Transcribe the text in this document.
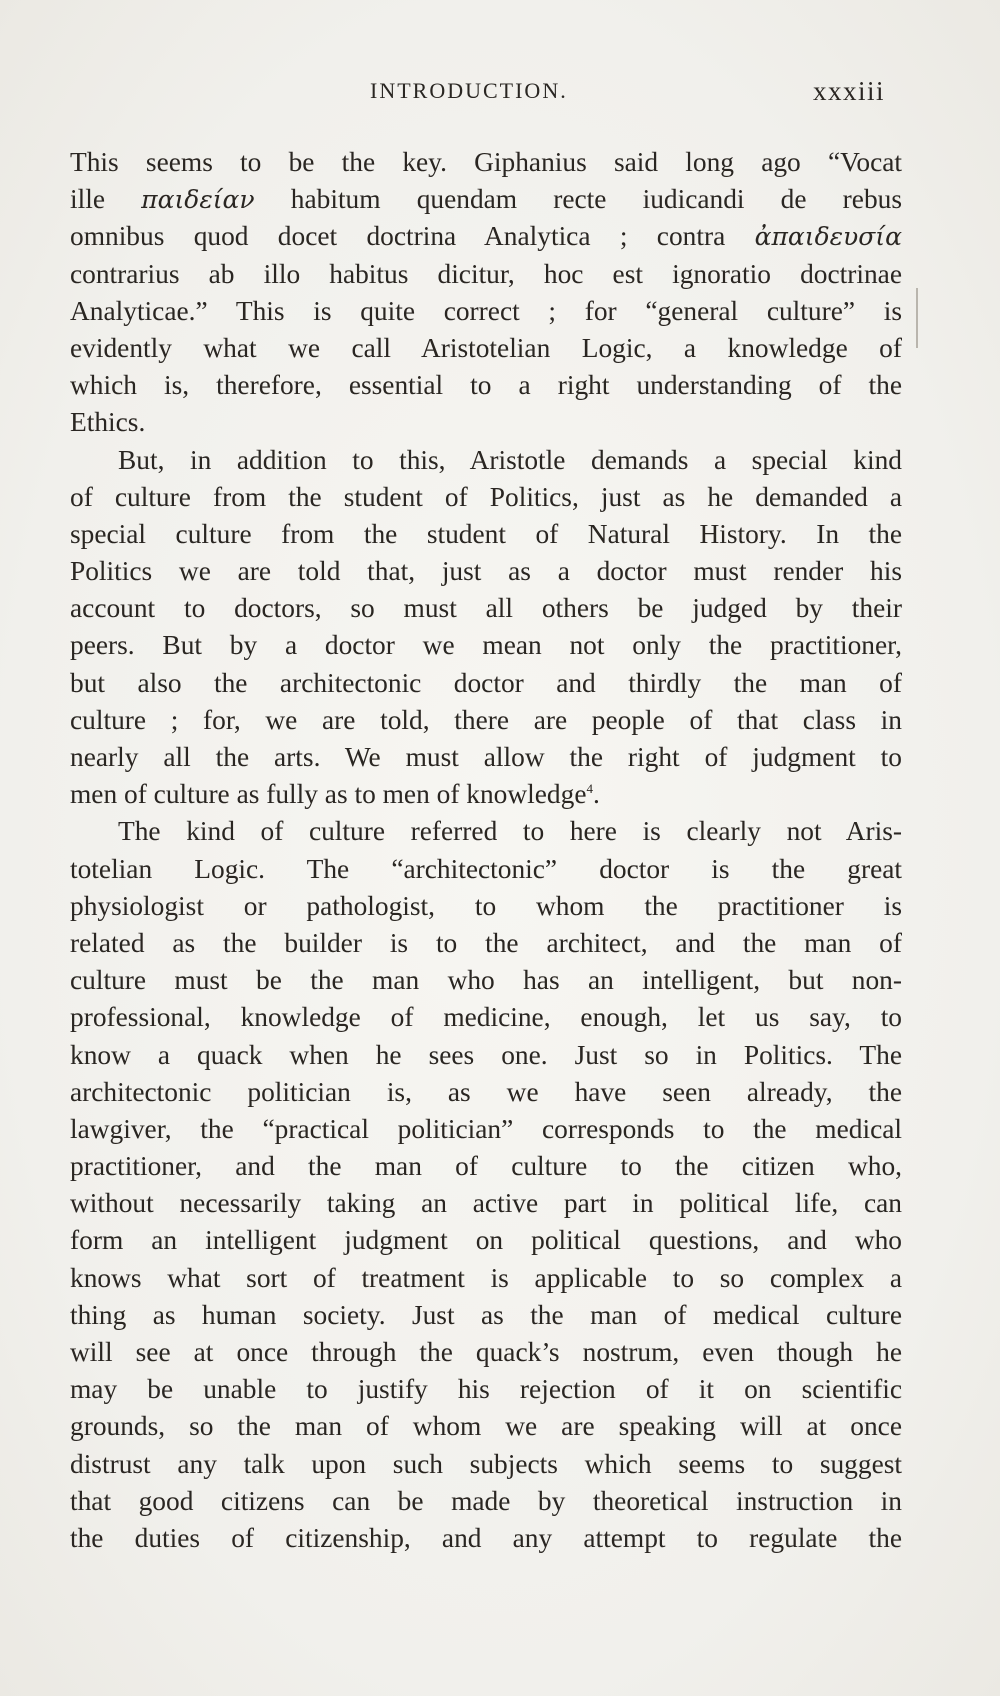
INTRODUCTION.	xxxiii
This seems to be the key. Giphanius said long ago “Vocat
ille παιδείαν habitum quendam recte iudicandi de rebus
omnibus quod docet doctrina Analytica ; contra ἀπαιδευσία
contrarius ab illo habitus dicitur, hoc est ignoratio doctrinae
Analyticae.” This is quite correct ; for “general culture” is
evidently what we call Aristotelian Logic, a knowledge of
which is, therefore, essential to a right understanding of the
Ethics.
But, in addition to this, Aristotle demands a special kind
of culture from the student of Politics, just as he demanded a
special culture from the student of Natural History. In the
Politics we are told that, just as a doctor must render his
account to doctors, so must all others be judged by their
peers. But by a doctor we mean not only the practitioner,
but also the architectonic doctor and thirdly the man of
culture ; for, we are told, there are people of that class in
nearly all the arts. We must allow the right of judgment to
men of culture as fully as to men of knowledge$^4$.
The kind of culture referred to here is clearly not Aris-
totelian Logic. The “architectonic” doctor is the great
physiologist or pathologist, to whom the practitioner is
related as the builder is to the architect, and the man of
culture must be the man who has an intelligent, but non-
professional, knowledge of medicine, enough, let us say, to
know a quack when he sees one. Just so in Politics. The
architectonic politician is, as we have seen already, the
lawgiver, the “practical politician” corresponds to the medical
practitioner, and the man of culture to the citizen who,
without necessarily taking an active part in political life, can
form an intelligent judgment on political questions, and who
knows what sort of treatment is applicable to so complex a
thing as human society. Just as the man of medical culture
will see at once through the quack’s nostrum, even though he
may be unable to justify his rejection of it on scientific
grounds, so the man of whom we are speaking will at once
distrust any talk upon such subjects which seems to suggest
that good citizens can be made by theoretical instruction in
the duties of citizenship, and any attempt to regulate the
